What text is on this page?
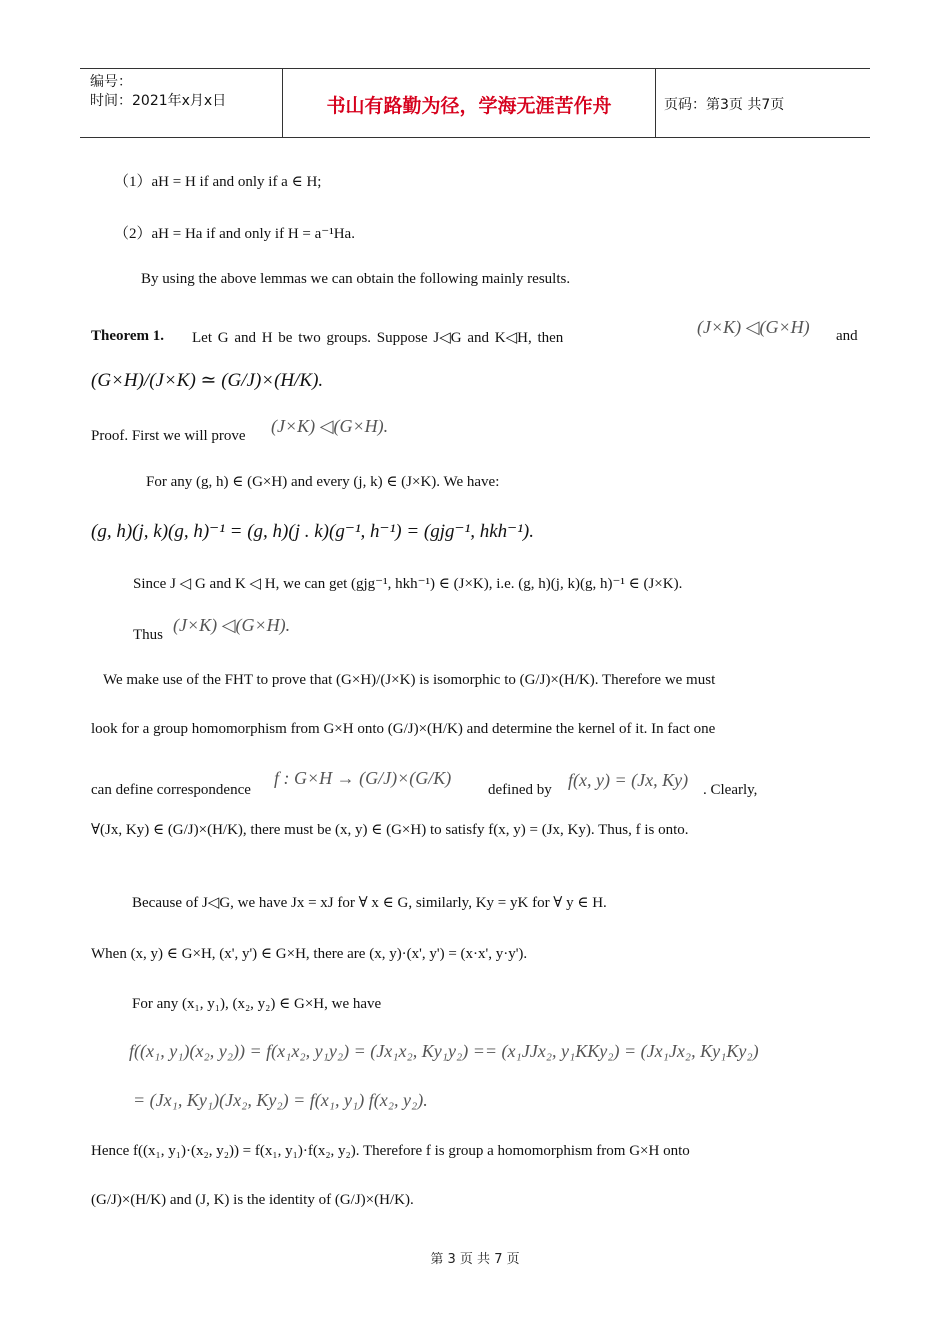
编号：
时间：2021年x月x日	书山有路勤为径，学海无涯苦作舟	页码：第3页 共7页
（1）aH = H if and only if a ∈ H;
（2）aH = Ha if and only if H = a⁻¹Ha.
By using the above lemmas we can obtain the following mainly results.
Theorem 1. Let G and H be two groups. Suppose J◁G and K◁H, then
(J×K) ◁(G×H) and
(G×H)/(J×K) ≃ (G/J)×(H/K).
Proof. First we will prove (J×K) ◁(G×H).
For any (g, h) ∈ (G×H) and every (j, k) ∈ (J×K). We have:
(g, h)(j, k)(g, h)⁻¹ = (g, h)(j . k)(g⁻¹, h⁻¹) = (gjg⁻¹, hkh⁻¹).
Since J ◁ G and K ◁ H, we can get (gjg⁻¹, hkh⁻¹) ∈ (J×K), i.e. (g, h)(j, k)(g, h)⁻¹ ∈ (J×K).
Thus (J×K) ◁(G×H).
We make use of the FHT to prove that (G×H)/(J×K) is isomorphic to (G/J)×(H/K). Therefore we must
look for a group homomorphism from G×H onto (G/J)×(H/K) and determine the kernel of it. In fact one
can define correspondence
f : G×H → (G/J)×(G/K)
defined by f(x, y) = (Jx, Ky) . Clearly,
∀(Jx, Ky) ∈ (G/J)×(H/K), there must be (x, y) ∈ (G×H) to satisfy f(x, y) = (Jx, Ky). Thus, f is onto.
Because of J◁G, we have Jx = xJ for ∀ x ∈ G, similarly, Ky = yK for ∀ y ∈ H.
When (x, y) ∈ G×H, (x', y') ∈ G×H, there are (x, y)·(x', y') = (x·x', y·y').
For any (x₁, y₁), (x₂, y₂) ∈ G×H, we have
f((x₁, y₁)(x₂, y₂)) = f(x₁x₂, y₁y₂) = (Jx₁x₂, Ky₁y₂) == (x₁JJx₂, y₁KKy₂) = (Jx₁Jx₂, Ky₁Ky₂)
= (Jx₁, Ky₁)(Jx₂, Ky₂) = f(x₁, y₁) f(x₂, y₂).
Hence f((x₁, y₁)·(x₂, y₂)) = f(x₁, y₁)·f(x₂, y₂). Therefore f is group a homomorphism from G×H onto
(G/J)×(H/K) and (J, K) is the identity of (G/J)×(H/K).
第 3 页 共 7 页
